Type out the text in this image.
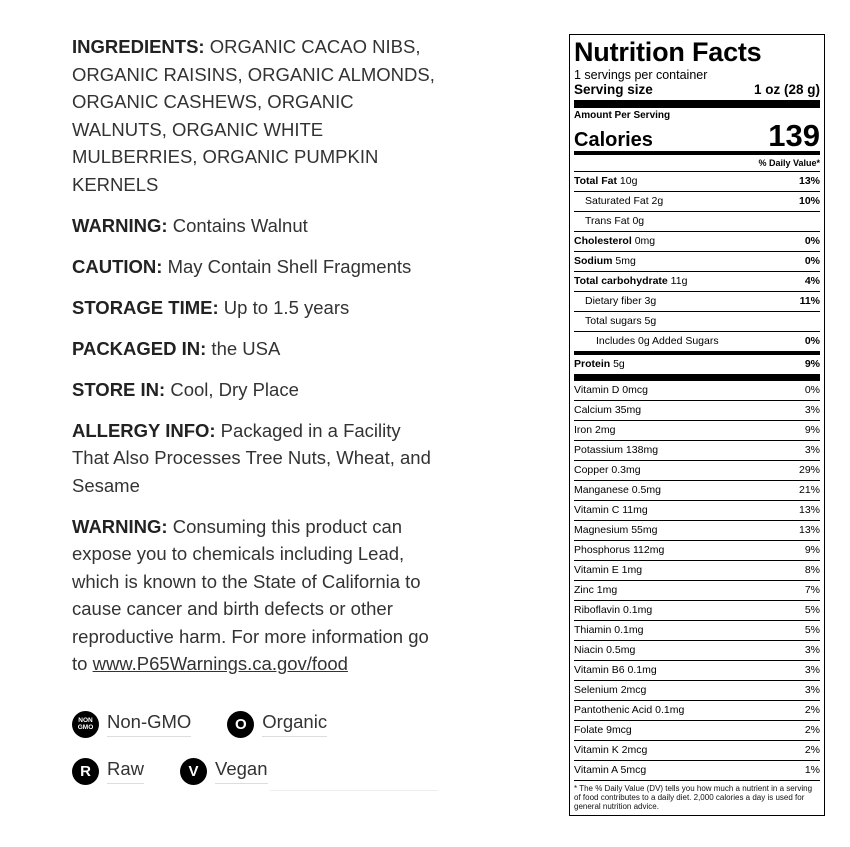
INGREDIENTS: ORGANIC CACAO NIBS, ORGANIC RAISINS, ORGANIC ALMONDS, ORGANIC CASHEWS, ORGANIC WALNUTS, ORGANIC WHITE MULBERRIES, ORGANIC PUMPKIN KERNELS

WARNING: Contains Walnut

CAUTION: May Contain Shell Fragments

STORAGE TIME: Up to 1.5 years

PACKAGED IN: the USA

STORE IN: Cool, Dry Place

ALLERGY INFO: Packaged in a Facility That Also Processes Tree Nuts, Wheat, and Sesame

WARNING: Consuming this product can expose you to chemicals including Lead, which is known to the State of California to cause cancer and birth defects or other reproductive harm. For more information go to www.P65Warnings.ca.gov/food

NON
GMO Non-GMO	O Organic
R Raw	V Vegan
Nutrition Facts
1 servings per container
Serving size	1 oz (28 g)
Amount Per Serving
Calories	139
% Daily Value*
Total Fat 10g	13%
Saturated Fat 2g	10%
Trans Fat 0g
Cholesterol 0mg	0%
Sodium 5mg	0%
Total carbohydrate 11g	4%
Dietary fiber 3g	11%
Total sugars 5g
Includes 0g Added Sugars	0%
Protein 5g	9%
Vitamin D 0mcg	0%
Calcium 35mg	3%
Iron 2mg	9%
Potassium 138mg	3%
Copper 0.3mg	29%
Manganese 0.5mg	21%
Vitamin C 11mg	13%
Magnesium 55mg	13%
Phosphorus 112mg	9%
Vitamin E 1mg	8%
Zinc 1mg	7%
Riboflavin 0.1mg	5%
Thiamin 0.1mg	5%
Niacin 0.5mg	3%
Vitamin B6 0.1mg	3%
Selenium 2mcg	3%
Pantothenic Acid 0.1mg	2%
Folate 9mcg	2%
Vitamin K 2mcg	2%
Vitamin A 5mcg	1%
* The % Daily Value (DV) tells you how much a nutrient in a serving of food contributes to a daily diet. 2,000 calories a day is used for general nutrition advice.
